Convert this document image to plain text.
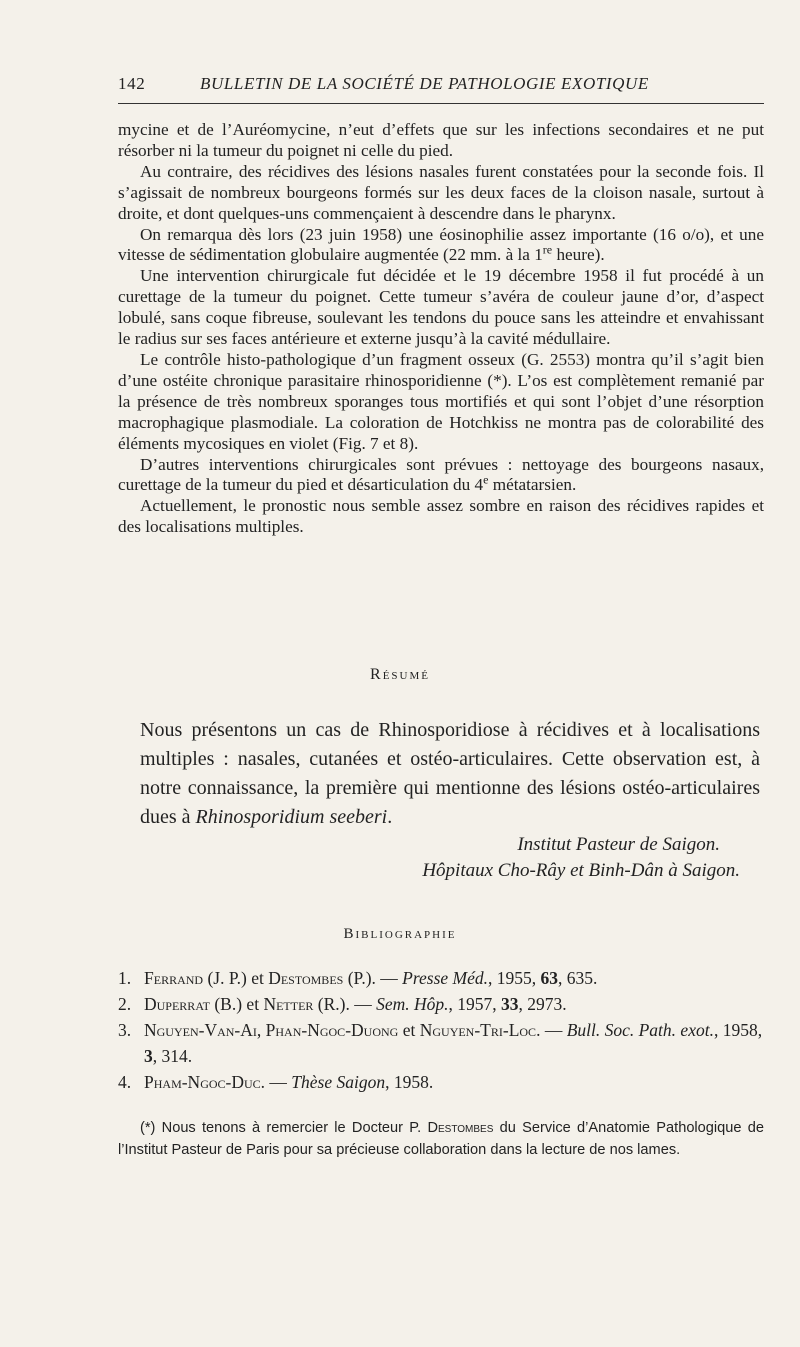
142	BULLETIN DE LA SOCIÉTÉ DE PATHOLOGIE EXOTIQUE

mycine et de l’Auréomycine, n’eut d’effets que sur les infections secondaires et ne put résorber ni la tumeur du poignet ni celle du pied.

Au contraire, des récidives des lésions nasales furent constatées pour la seconde fois. Il s’agissait de nombreux bourgeons formés sur les deux faces de la cloison nasale, surtout à droite, et dont quelques-uns commençaient à descendre dans le pharynx.

On remarqua dès lors (23 juin 1958) une éosinophilie assez importante (16 o/o), et une vitesse de sédimentation globulaire augmentée (22 mm. à la 1re heure).

Une intervention chirurgicale fut décidée et le 19 décembre 1958 il fut procédé à un curettage de la tumeur du poignet. Cette tumeur s’avéra de couleur jaune d’or, d’aspect lobulé, sans coque fibreuse, soulevant les tendons du pouce sans les atteindre et envahissant le radius sur ses faces antérieure et externe jusqu’à la cavité médullaire.

Le contrôle histo-pathologique d’un fragment osseux (G. 2553) montra qu’il s’agit bien d’une ostéite chronique parasitaire rhinosporidienne (*). L’os est complètement remanié par la présence de très nombreux sporanges tous mortifiés et qui sont l’objet d’une résorption macrophagique plasmodiale. La coloration de Hotchkiss ne montra pas de colorabilité des éléments mycosiques en violet (Fig. 7 et 8).

D’autres interventions chirurgicales sont prévues : nettoyage des bourgeons nasaux, curettage de la tumeur du pied et désarticulation du 4e métatarsien.

Actuellement, le pronostic nous semble assez sombre en raison des récidives rapides et des localisations multiples.

Résumé
Nous présentons un cas de Rhinosporidiose à récidives et à localisations multiples : nasales, cutanées et ostéo-articulaires. Cette observation est, à notre connaissance, la première qui mentionne des lésions ostéo-articulaires dues à Rhinosporidium seeberi.
Institut Pasteur de Saigon.
Hôpitaux Cho-Rây et Binh-Dân à Saigon.
Bibliographie
1. Ferrand (J. P.) et Destombes (P.). — Presse Méd., 1955, 63, 635.
2. Duperrat (B.) et Netter (R.). — Sem. Hôp., 1957, 33, 2973.
3. Nguyen-Van-Ai, Phan-Ngoc-Duong et Nguyen-Tri-Loc. — Bull. Soc. Path. exot., 1958, 3, 314.
4. Pham-Ngoc-Duc. — Thèse Saigon, 1958.
(*) Nous tenons à remercier le Docteur P. Destombes du Service d’Anatomie Pathologique de l’Institut Pasteur de Paris pour sa précieuse collaboration dans la lecture de nos lames.
